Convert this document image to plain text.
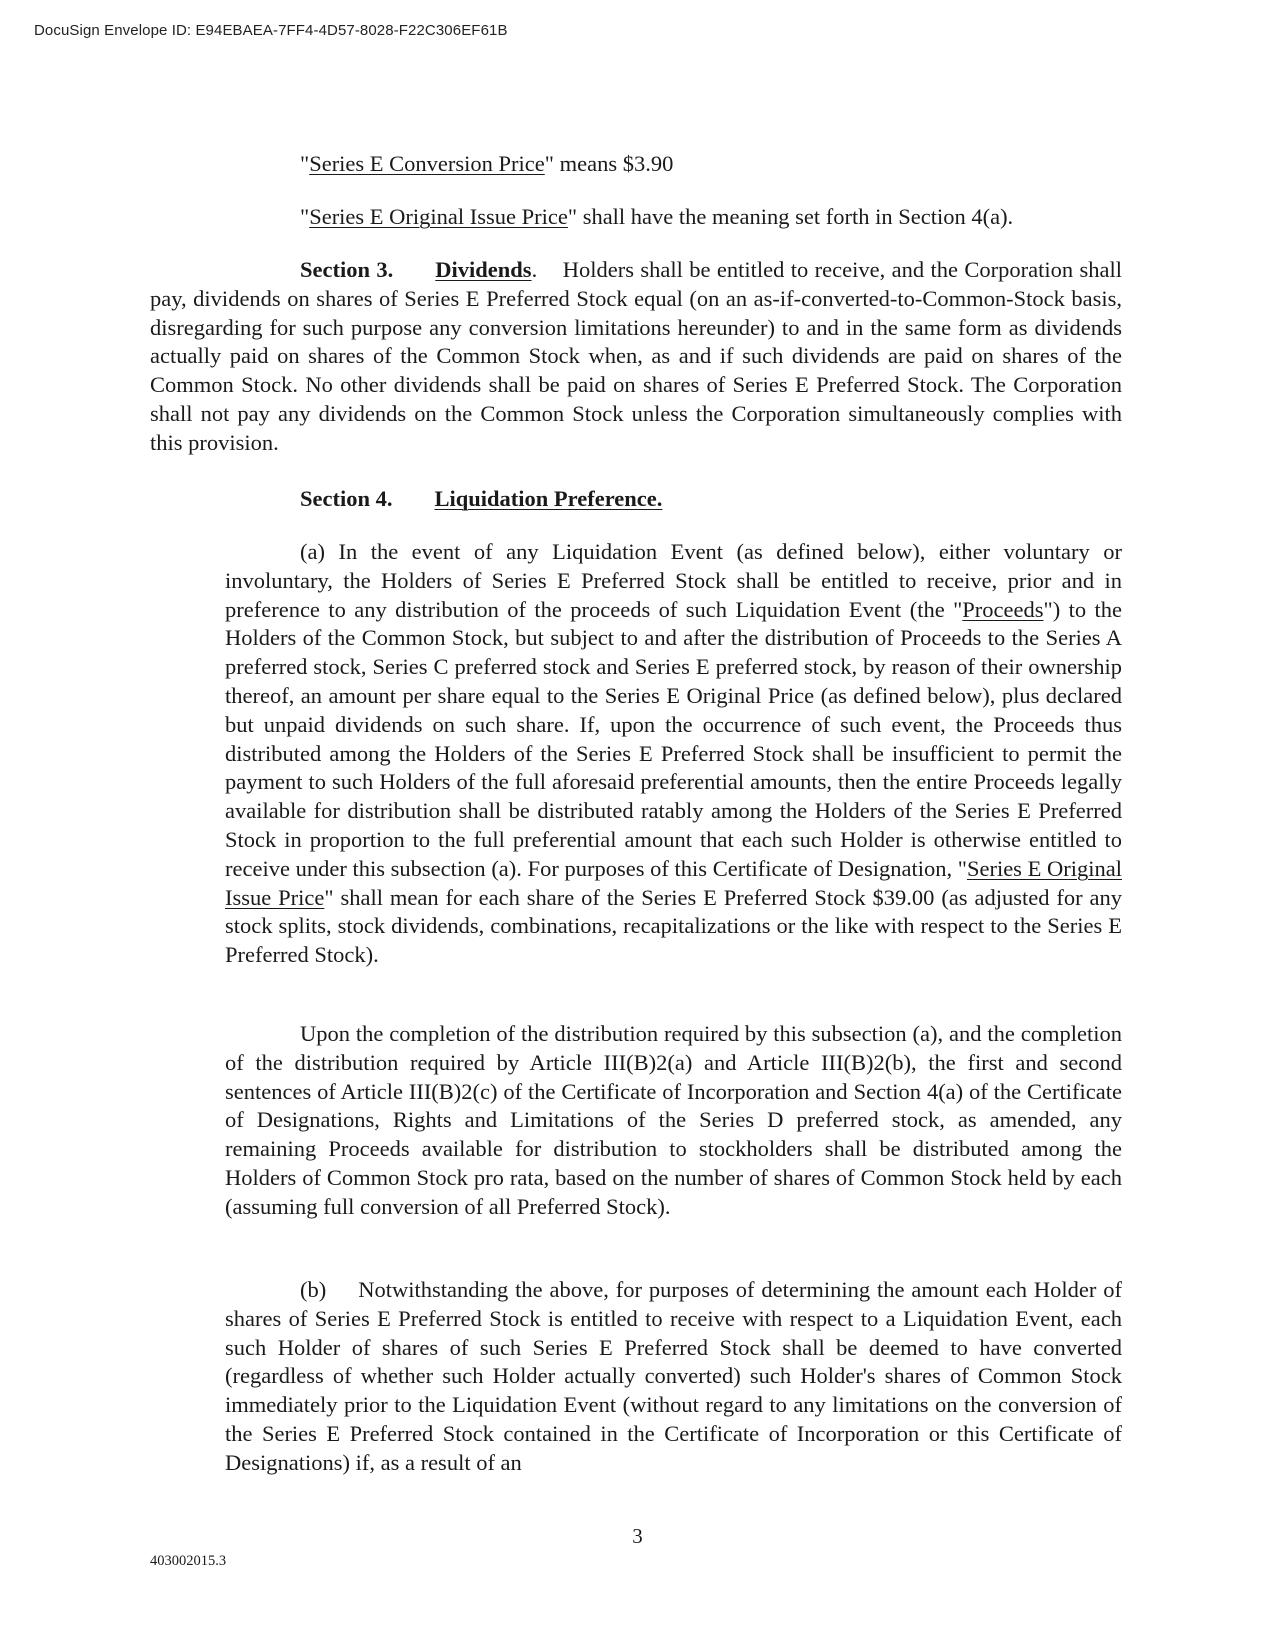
DocuSign Envelope ID: E94EBAEA-7FF4-4D57-8028-F22C306EF61B
"Series E Conversion Price" means $3.90
"Series E Original Issue Price" shall have the meaning set forth in Section 4(a).
Section 3. Dividends. Holders shall be entitled to receive, and the Corporation shall pay, dividends on shares of Series E Preferred Stock equal (on an as-if-converted-to-Common-Stock basis, disregarding for such purpose any conversion limitations hereunder) to and in the same form as dividends actually paid on shares of the Common Stock when, as and if such dividends are paid on shares of the Common Stock. No other dividends shall be paid on shares of Series E Preferred Stock. The Corporation shall not pay any dividends on the Common Stock unless the Corporation simultaneously complies with this provision.
Section 4. Liquidation Preference.
(a) In the event of any Liquidation Event (as defined below), either voluntary or involuntary, the Holders of Series E Preferred Stock shall be entitled to receive, prior and in preference to any distribution of the proceeds of such Liquidation Event (the "Proceeds") to the Holders of the Common Stock, but subject to and after the distribution of Proceeds to the Series A preferred stock, Series C preferred stock and Series E preferred stock, by reason of their ownership thereof, an amount per share equal to the Series E Original Price (as defined below), plus declared but unpaid dividends on such share. If, upon the occurrence of such event, the Proceeds thus distributed among the Holders of the Series E Preferred Stock shall be insufficient to permit the payment to such Holders of the full aforesaid preferential amounts, then the entire Proceeds legally available for distribution shall be distributed ratably among the Holders of the Series E Preferred Stock in proportion to the full preferential amount that each such Holder is otherwise entitled to receive under this subsection (a). For purposes of this Certificate of Designation, "Series E Original Issue Price" shall mean for each share of the Series E Preferred Stock $39.00 (as adjusted for any stock splits, stock dividends, combinations, recapitalizations or the like with respect to the Series E Preferred Stock).
Upon the completion of the distribution required by this subsection (a), and the completion of the distribution required by Article III(B)2(a) and Article III(B)2(b), the first and second sentences of Article III(B)2(c) of the Certificate of Incorporation and Section 4(a) of the Certificate of Designations, Rights and Limitations of the Series D preferred stock, as amended, any remaining Proceeds available for distribution to stockholders shall be distributed among the Holders of Common Stock pro rata, based on the number of shares of Common Stock held by each (assuming full conversion of all Preferred Stock).
(b) Notwithstanding the above, for purposes of determining the amount each Holder of shares of Series E Preferred Stock is entitled to receive with respect to a Liquidation Event, each such Holder of shares of such Series E Preferred Stock shall be deemed to have converted (regardless of whether such Holder actually converted) such Holder's shares of Common Stock immediately prior to the Liquidation Event (without regard to any limitations on the conversion of the Series E Preferred Stock contained in the Certificate of Incorporation or this Certificate of Designations) if, as a result of an
3
403002015.3
